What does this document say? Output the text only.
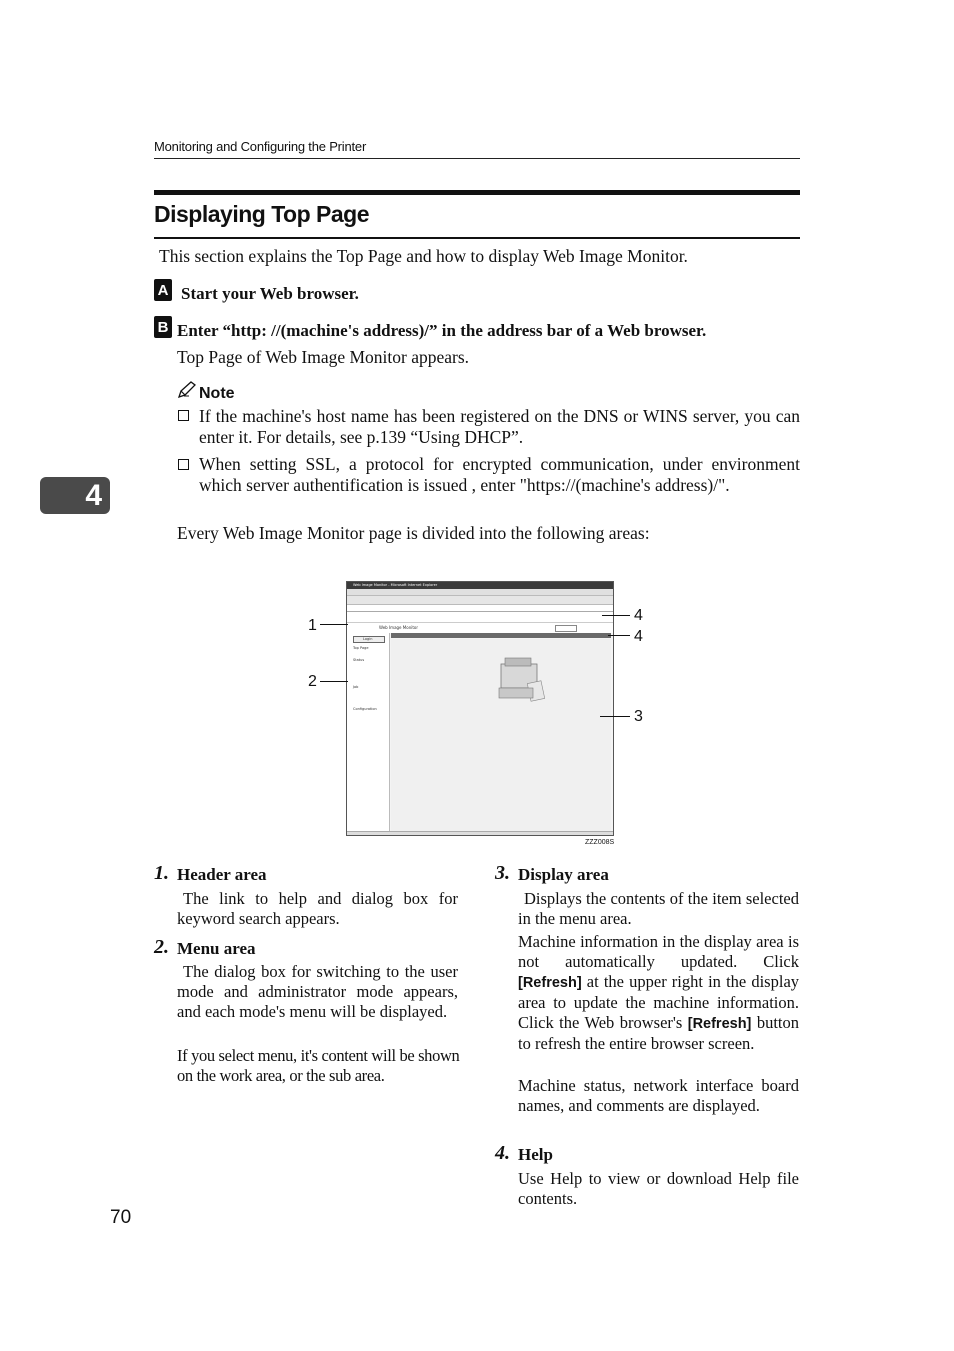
Monitoring and Configuring the Printer
Displaying Top Page
This section explains the Top Page and how to display Web Image Monitor.
A Start your Web browser.
B Enter “http: //(machine's address)/” in the address bar of a Web browser.
Top Page of Web Image Monitor appears.
Note
If the machine's host name has been registered on the DNS or WINS server, you can enter it. For details, see p.139 “Using DHCP”.
When setting SSL, a protocol for encrypted communication, under environment which server authentification is issued , enter "https://(machine's address)/".
4
Every Web Image Monitor page is divided into the following areas:
Web Image Monitor - Microsoft Internet Explorer
Web Image Monitor
Login
Top Page
Status
Job
Configuration
1
2
4
4
3
ZZZ008S
1. Header area
The link to help and dialog box for keyword search appears.
2. Menu area
The dialog box for switching to the user mode and administrator mode appears, and each mode's menu will be displayed.
If you select menu, it's content will be shown on the work area, or the sub area.
3. Display area
Displays the contents of the item selected in the menu area.
Machine information in the display area is not automatically updated. Click [Refresh] at the upper right in the display area to update the machine information. Click the Web browser's [Refresh] button to refresh the entire browser screen.
Machine status, network interface board names, and comments are displayed.
4. Help
Use Help to view or download Help file contents.
70
